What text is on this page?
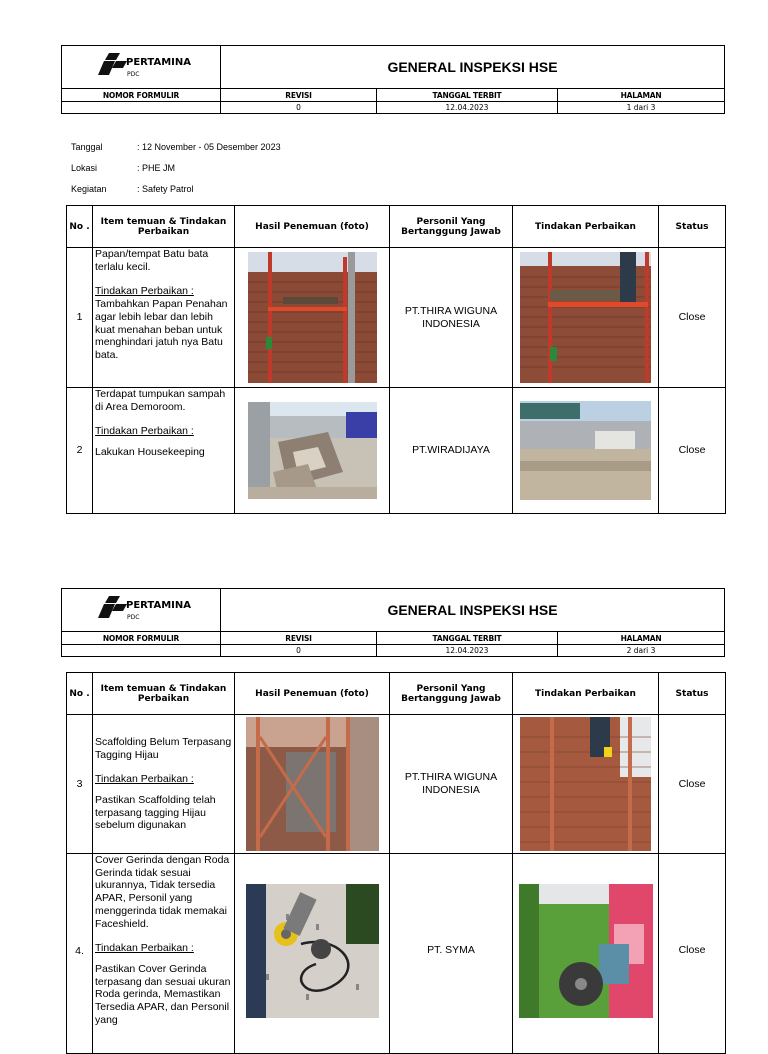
PERTAMINA
PDC	GENERAL INSPEKSI HSE		
NOMOR FORMULIR	REVISI	TANGGAL TERBIT	HALAMAN
	0	12.04.2023	1 dari 3
Tanggal	: 12 November - 05 Desember 2023
Lokasi	: PHE JM
Kegiatan	: Safety Patrol
No .	Item temuan & Tindakan Perbaikan	Hasil Penemuan (foto)	Personil Yang Bertanggung Jawab	Tindakan Perbaikan	Status
1	Papan/tempat Batu bata terlalu kecil.
Tindakan Perbaikan :
Tambahkan Papan Penahan agar lebih lebar dan lebih kuat menahan beban untuk menghindari jatuh nya Batu bata.		PT.THIRA WIGUNA INDONESIA		Close
2	Terdapat tumpukan sampah di Area Demoroom.
Tindakan Perbaikan :
Lakukan Housekeeping		PT.WIRADIJAYA		Close
PERTAMINA
PDC	GENERAL INSPEKSI HSE		
NOMOR FORMULIR	REVISI	TANGGAL TERBIT	HALAMAN
	0	12.04.2023	2 dari 3
No .	Item temuan & Tindakan Perbaikan	Hasil Penemuan (foto)	Personil Yang Bertanggung Jawab	Tindakan Perbaikan	Status
3	Scaffolding Belum Terpasang Tagging Hijau
Tindakan Perbaikan :
Pastikan Scaffolding telah terpasang tagging Hijau sebelum digunakan		PT.THIRA WIGUNA INDONESIA		Close
4.	Cover Gerinda dengan Roda Gerinda tidak sesuai ukurannya, Tidak tersedia APAR, Personil yang menggerinda tidak memakai Faceshield.
Tindakan Perbaikan :
Pastikan Cover Gerinda terpasang dan sesuai ukuran Roda gerinda, Memastikan Tersedia APAR, dan Personil yang		PT. SYMA		Close
